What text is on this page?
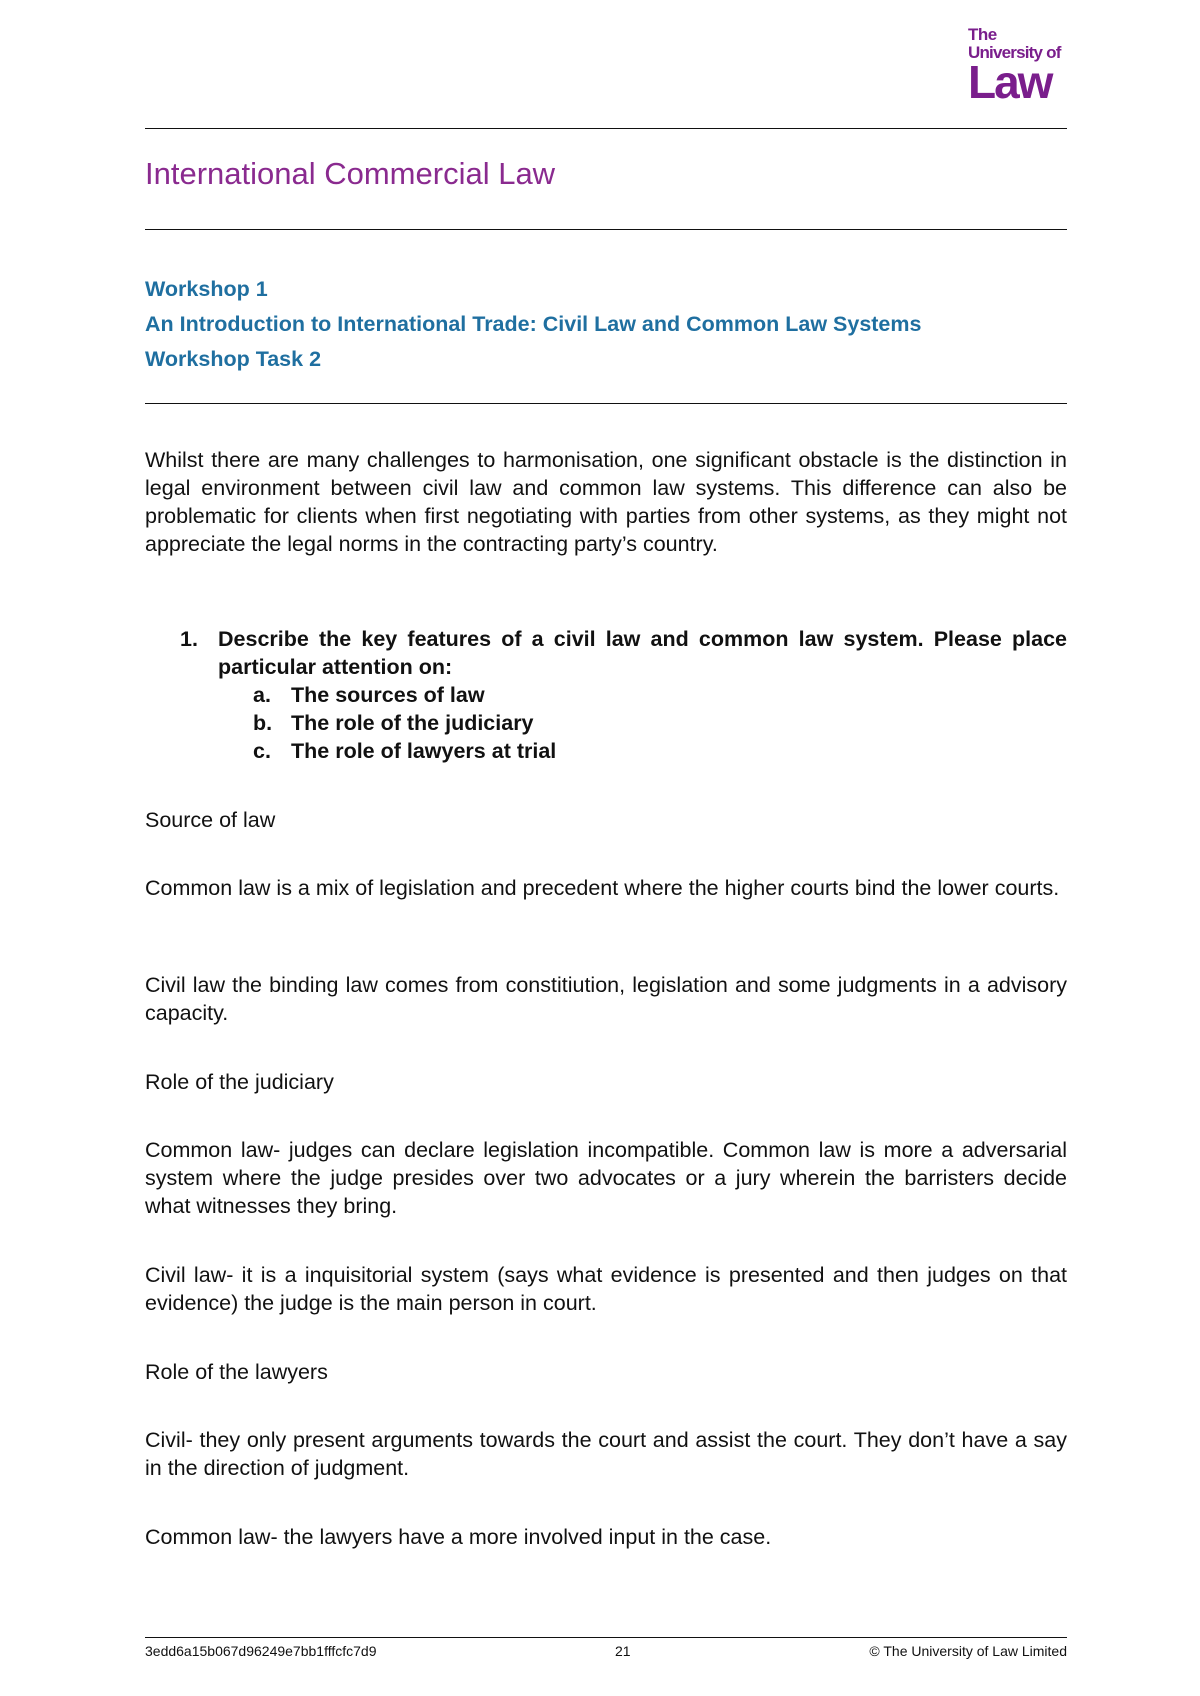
The
University of
Law
International Commercial Law
Workshop 1
An Introduction to International Trade: Civil Law and Common Law Systems
Workshop Task 2

Whilst there are many challenges to harmonisation, one significant obstacle is the distinction in legal environment between civil law and common law systems. This difference can also be problematic for clients when first negotiating with parties from other systems, as they might not appreciate the legal norms in the contracting party’s country.

1. Describe the key features of a civil law and common law system. Please place particular attention on:
a. The sources of law
b. The role of the judiciary
c. The role of lawyers at trial

Source of law

Common law is a mix of legislation and precedent where the higher courts bind the lower courts.

Civil law the binding law comes from constitiution, legislation and some judgments in a advisory capacity.

Role of the judiciary

Common law- judges can declare legislation incompatible. Common law is more a adversarial system where the judge presides over two advocates or a jury wherein the barristers decide what witnesses they bring.

Civil law- it is a inquisitorial system (says what evidence is presented and then judges on that evidence) the judge is the main person in court.

Role of the lawyers

Civil- they only present arguments towards the court and assist the court. They don’t have a say in the direction of judgment.

Common law- the lawyers have a more involved input in the case.

3edd6a15b067d96249e7bb1fffcfc7d9	21	© The University of Law Limited
